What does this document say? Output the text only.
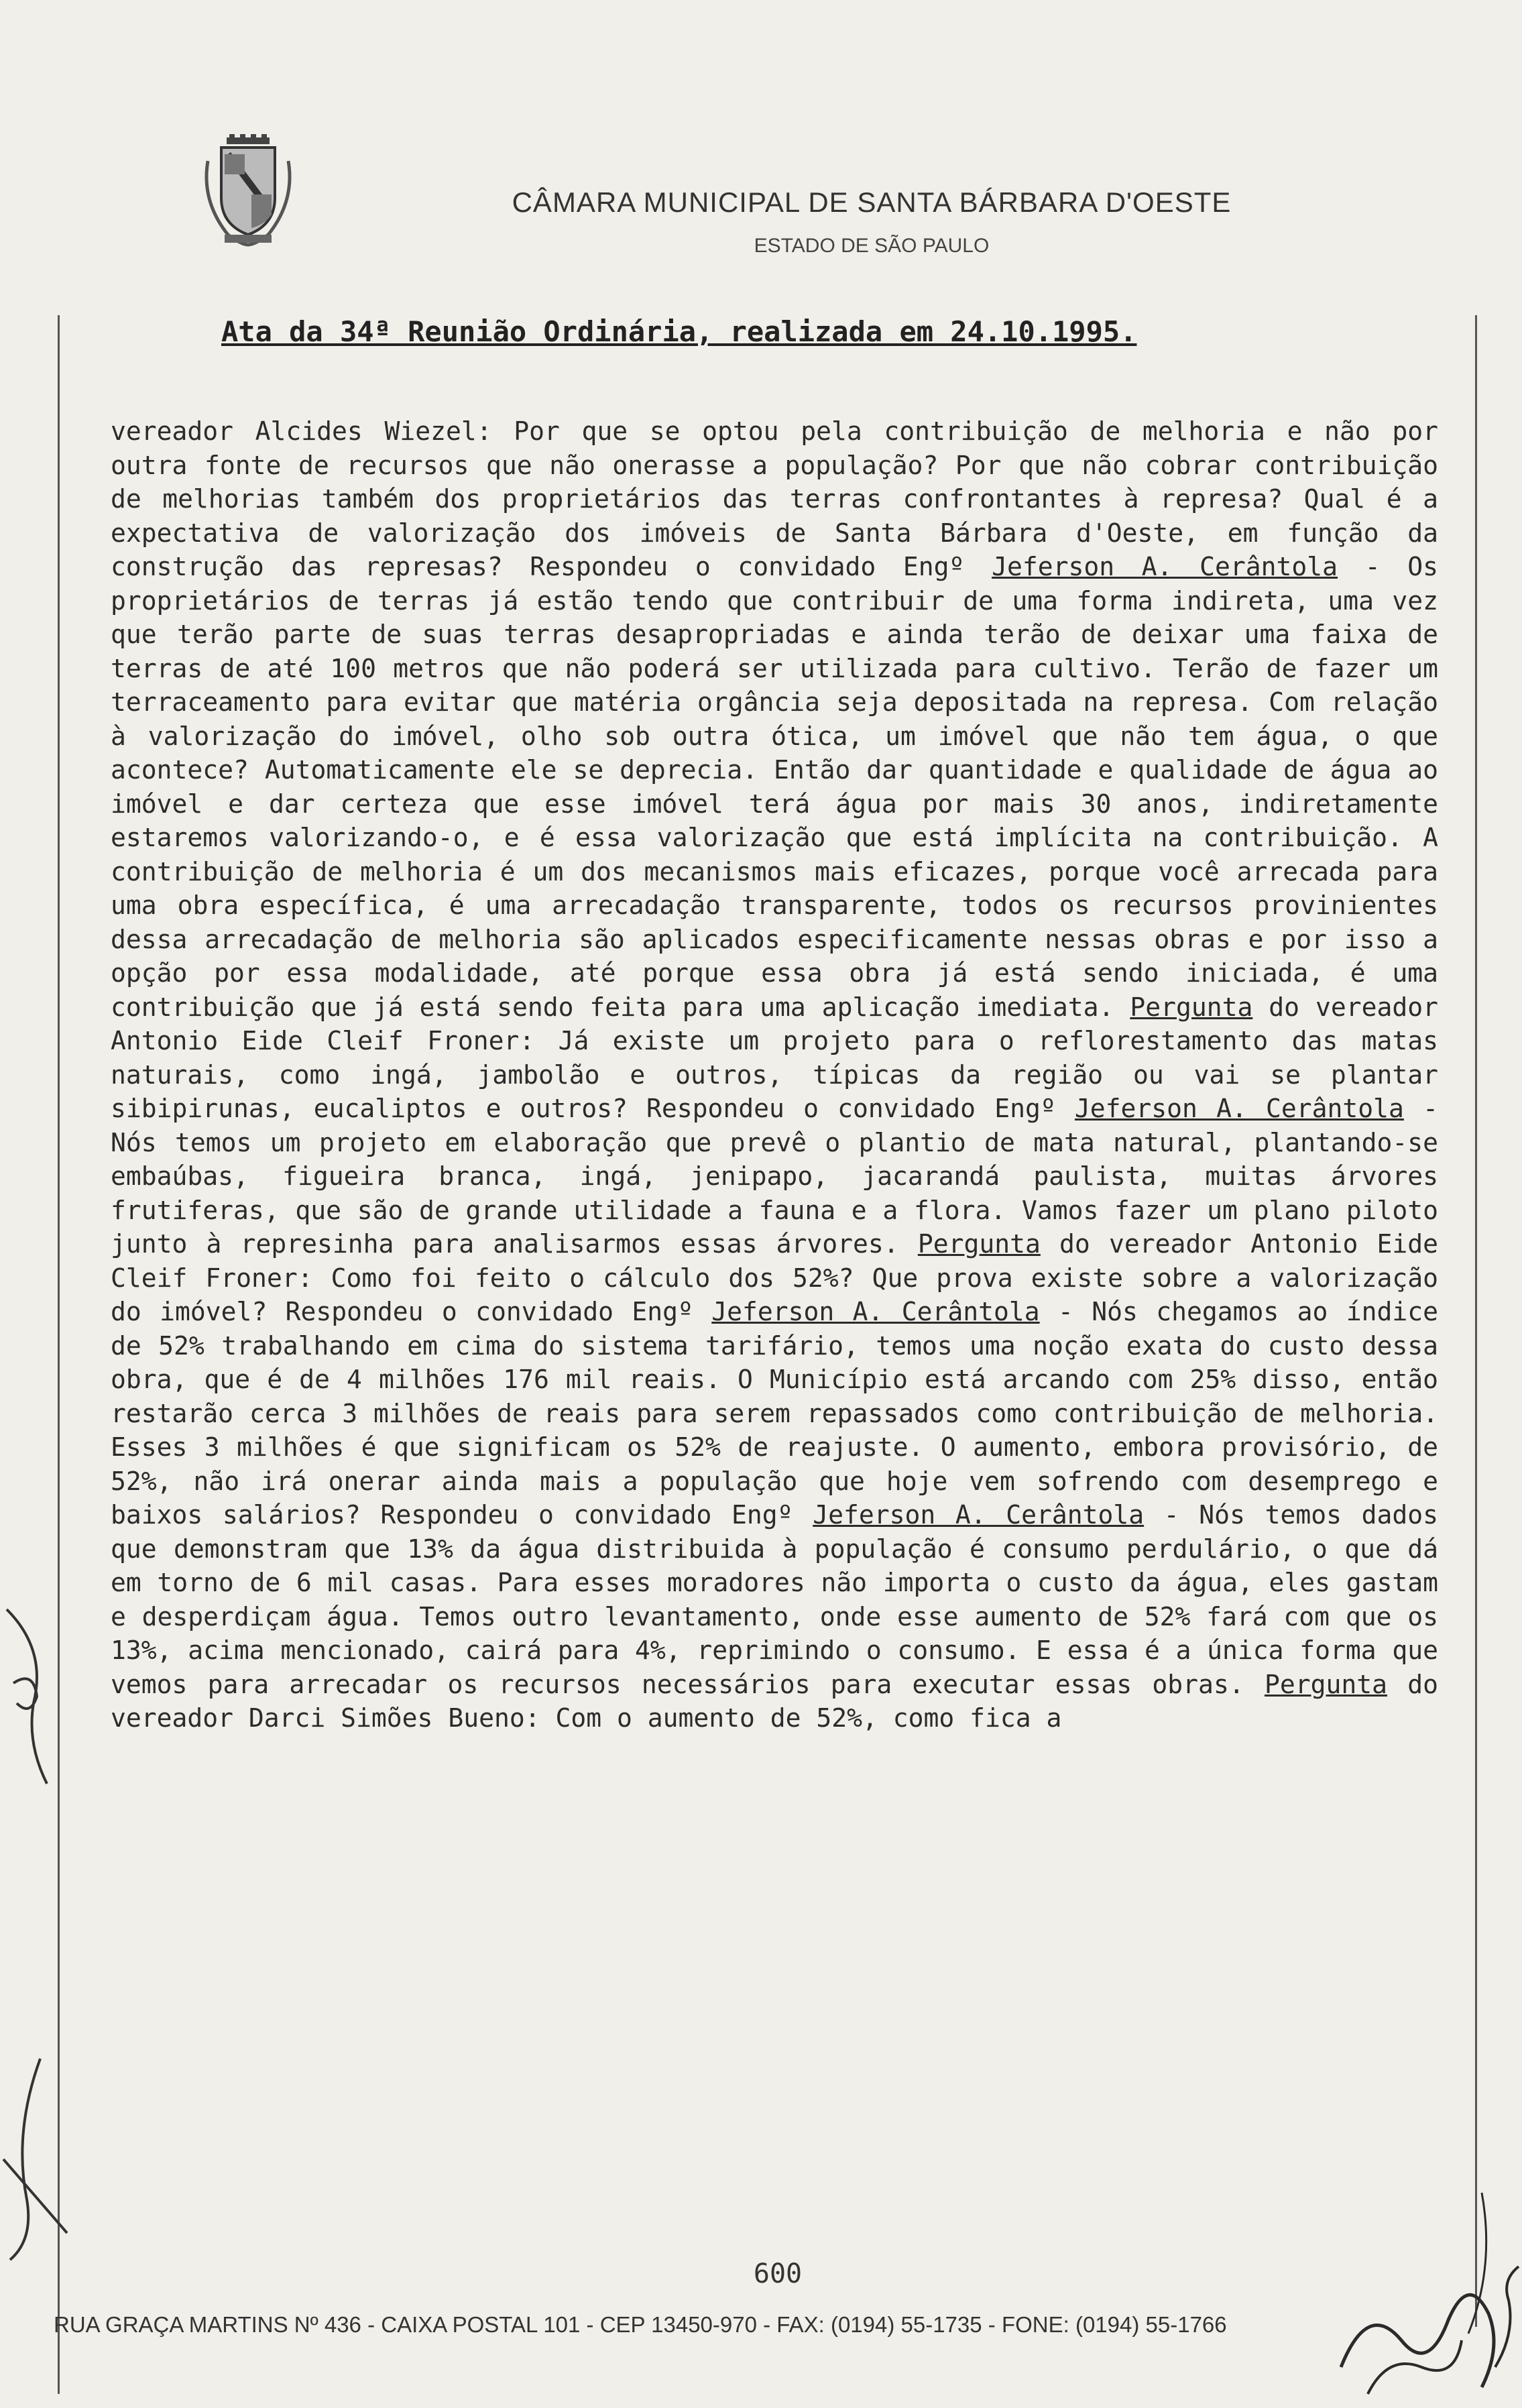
CÂMARA MUNICIPAL DE SANTA BÁRBARA D'OESTE
ESTADO DE SÃO PAULO
Ata da 34ª Reunião Ordinária, realizada em 24.10.1995.

vereador Alcides Wiezel: Por que se optou pela contribuição de melhoria e não por outra fonte de recursos que não onerasse a população? Por que não cobrar contribuição de melhorias também dos proprietários das terras confrontantes à represa? Qual é a expectativa de valorização dos imóveis de Santa Bárbara d'Oeste, em função da construção das represas? Respondeu o convidado Engº Jeferson A. Cerântola - Os proprietários de terras já estão tendo que contribuir de uma forma indireta, uma vez que terão parte de suas terras desapropriadas e ainda terão de deixar uma faixa de terras de até 100 metros que não poderá ser utilizada para cultivo. Terão de fazer um terraceamento para evitar que matéria orgância seja depositada na represa. Com relação à valorização do imóvel, olho sob outra ótica, um imóvel que não tem água, o que acontece? Automaticamente ele se deprecia. Então dar quantidade e qualidade de água ao imóvel e dar certeza que esse imóvel terá água por mais 30 anos, indiretamente estaremos valorizando-o, e é essa valorização que está implícita na contribuição. A contribuição de melhoria é um dos mecanismos mais eficazes, porque você arrecada para uma obra específica, é uma arrecadação transparente, todos os recursos provinientes dessa arrecadação de melhoria são aplicados especificamente nessas obras e por isso a opção por essa modalidade, até porque essa obra já está sendo iniciada, é uma contribuição que já está sendo feita para uma aplicação imediata. Pergunta do vereador Antonio Eide Cleif Froner: Já existe um projeto para o reflorestamento das matas naturais, como ingá, jambolão e outros, típicas da região ou vai se plantar sibipirunas, eucaliptos e outros? Respondeu o convidado Engº Jeferson A. Cerântola - Nós temos um projeto em elaboração que prevê o plantio de mata natural, plantando-se embaúbas, figueira branca, ingá, jenipapo, jacarandá paulista, muitas árvores frutiferas, que são de grande utilidade a fauna e a flora. Vamos fazer um plano piloto junto à represinha para analisarmos essas árvores. Pergunta do vereador Antonio Eide Cleif Froner: Como foi feito o cálculo dos 52%? Que prova existe sobre a valorização do imóvel? Respondeu o convidado Engº Jeferson A. Cerântola - Nós chegamos ao índice de 52% trabalhando em cima do sistema tarifário, temos uma noção exata do custo dessa obra, que é de 4 milhões 176 mil reais. O Município está arcando com 25% disso, então restarão cerca 3 milhões de reais para serem repassados como contribuição de melhoria. Esses 3 milhões é que significam os 52% de reajuste. O aumento, embora provisório, de 52%, não irá onerar ainda mais a população que hoje vem sofrendo com desemprego e baixos salários? Respondeu o convidado Engº Jeferson A. Cerântola - Nós temos dados que demonstram que 13% da água distribuida à população é consumo perdulário, o que dá em torno de 6 mil casas. Para esses moradores não importa o custo da água, eles gastam e desperdiçam água. Temos outro levantamento, onde esse aumento de 52% fará com que os 13%, acima mencionado, cairá para 4%, reprimindo o consumo. E essa é a única forma que vemos para arrecadar os recursos necessários para executar essas obras. Pergunta do vereador Darci Simões Bueno: Com o aumento de 52%, como fica a

600
RUA GRAÇA MARTINS Nº 436 - CAIXA POSTAL 101 - CEP 13450-970 - FAX: (0194) 55-1735 - FONE: (0194) 55-1766
